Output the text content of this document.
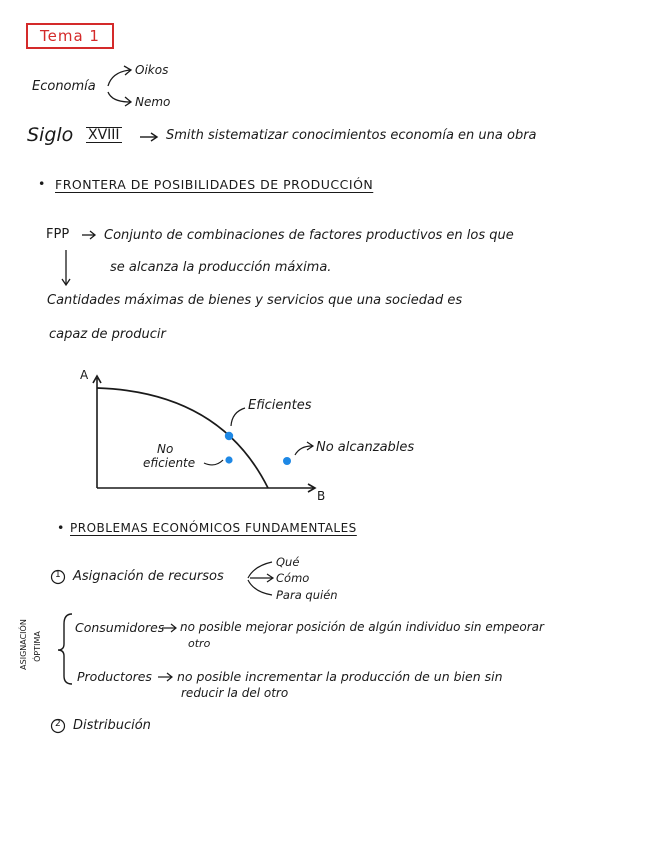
Tema 1
Economía
Oikos
Nemo
Siglo XVIII	Smith sistematizar conocimientos economía en una obra
• FRONTERA DE POSIBILIDADES DE PRODUCCIÓN
FPP	Conjunto de combinaciones de factores productivos en los que
se alcanza la producción máxima.
Cantidades máximas de bienes y servicios que una sociedad es
capaz de producir
A
B
Eficientes
No
eficiente
No alcanzables
• PROBLEMAS ECONÓMICOS FUNDAMENTALES
1 Asignación de recursos
Qué
Cómo
Para quién
ASIGNACIÓN ÓPTIMA
Consumidores no posible mejorar posición de algún individuo sin empeorar
otro
Productores no posible incrementar la producción de un bien sin
reducir la del otro
2 Distribución
